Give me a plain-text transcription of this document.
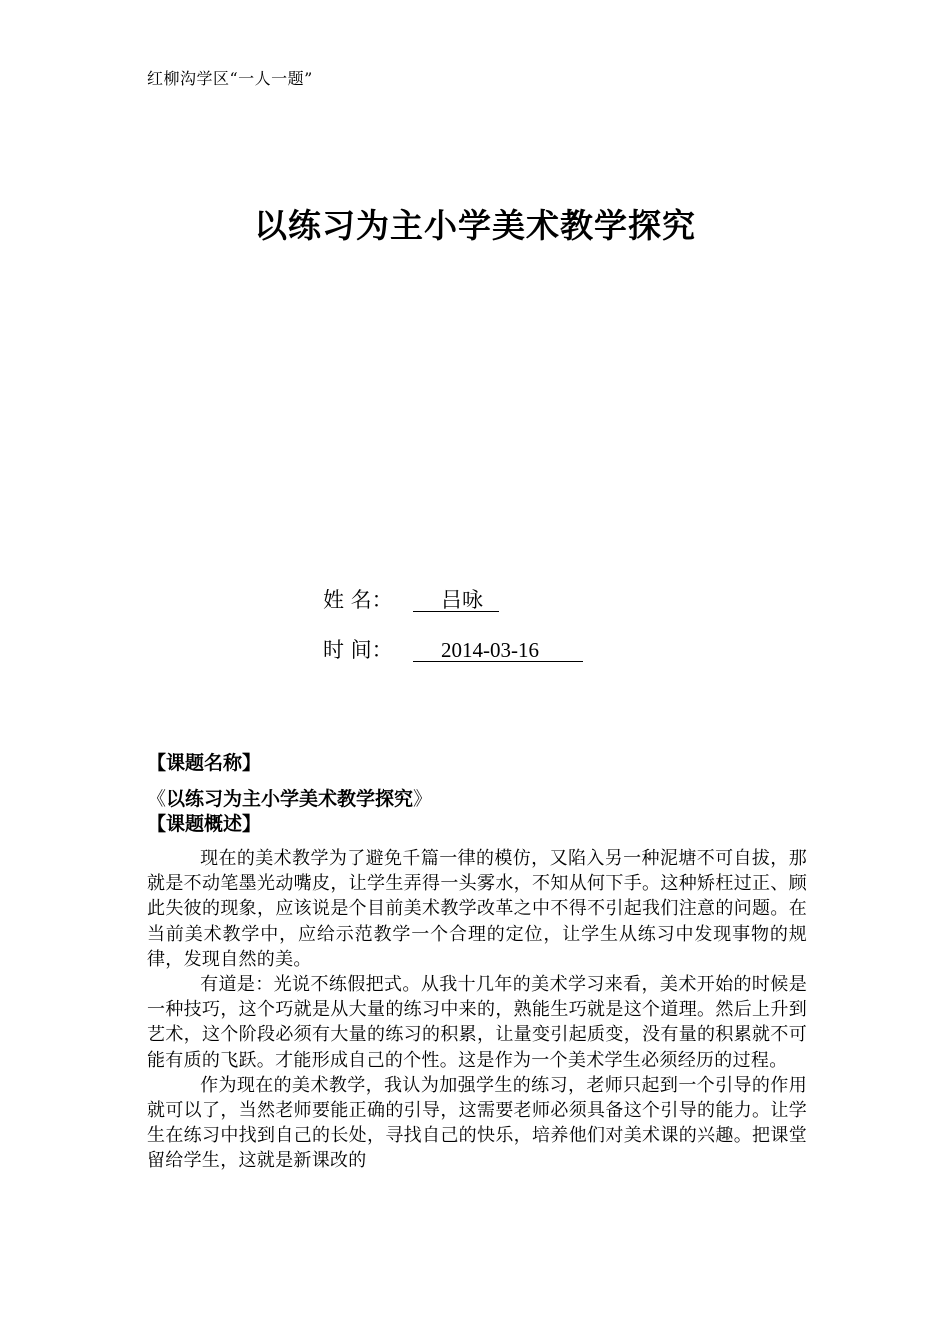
红柳沟学区“一人一题”
以练习为主小学美术教学探究
姓 名： 吕咏
时 间： 2014-03-16
【课题名称】
《以练习为主小学美术教学探究》
【课题概述】

现在的美术教学为了避免千篇一律的模仿，又陷入另一种泥塘不可自拔，那就是不动笔墨光动嘴皮，让学生弄得一头雾水，不知从何下手。这种矫枉过正、顾此失彼的现象，应该说是个目前美术教学改革之中不得不引起我们注意的问题。在当前美术教学中，应给示范教学一个合理的定位，让学生从练习中发现事物的规律，发现自然的美。

有道是：光说不练假把式。从我十几年的美术学习来看，美术开始的时候是一种技巧，这个巧就是从大量的练习中来的，熟能生巧就是这个道理。然后上升到艺术，这个阶段必须有大量的练习的积累，让量变引起质变，没有量的积累就不可能有质的飞跃。才能形成自己的个性。这是作为一个美术学生必须经历的过程。

作为现在的美术教学，我认为加强学生的练习，老师只起到一个引导的作用就可以了，当然老师要能正确的引导，这需要老师必须具备这个引导的能力。让学生在练习中找到自己的长处，寻找自己的快乐，培养他们对美术课的兴趣。把课堂留给学生，这就是新课改的
